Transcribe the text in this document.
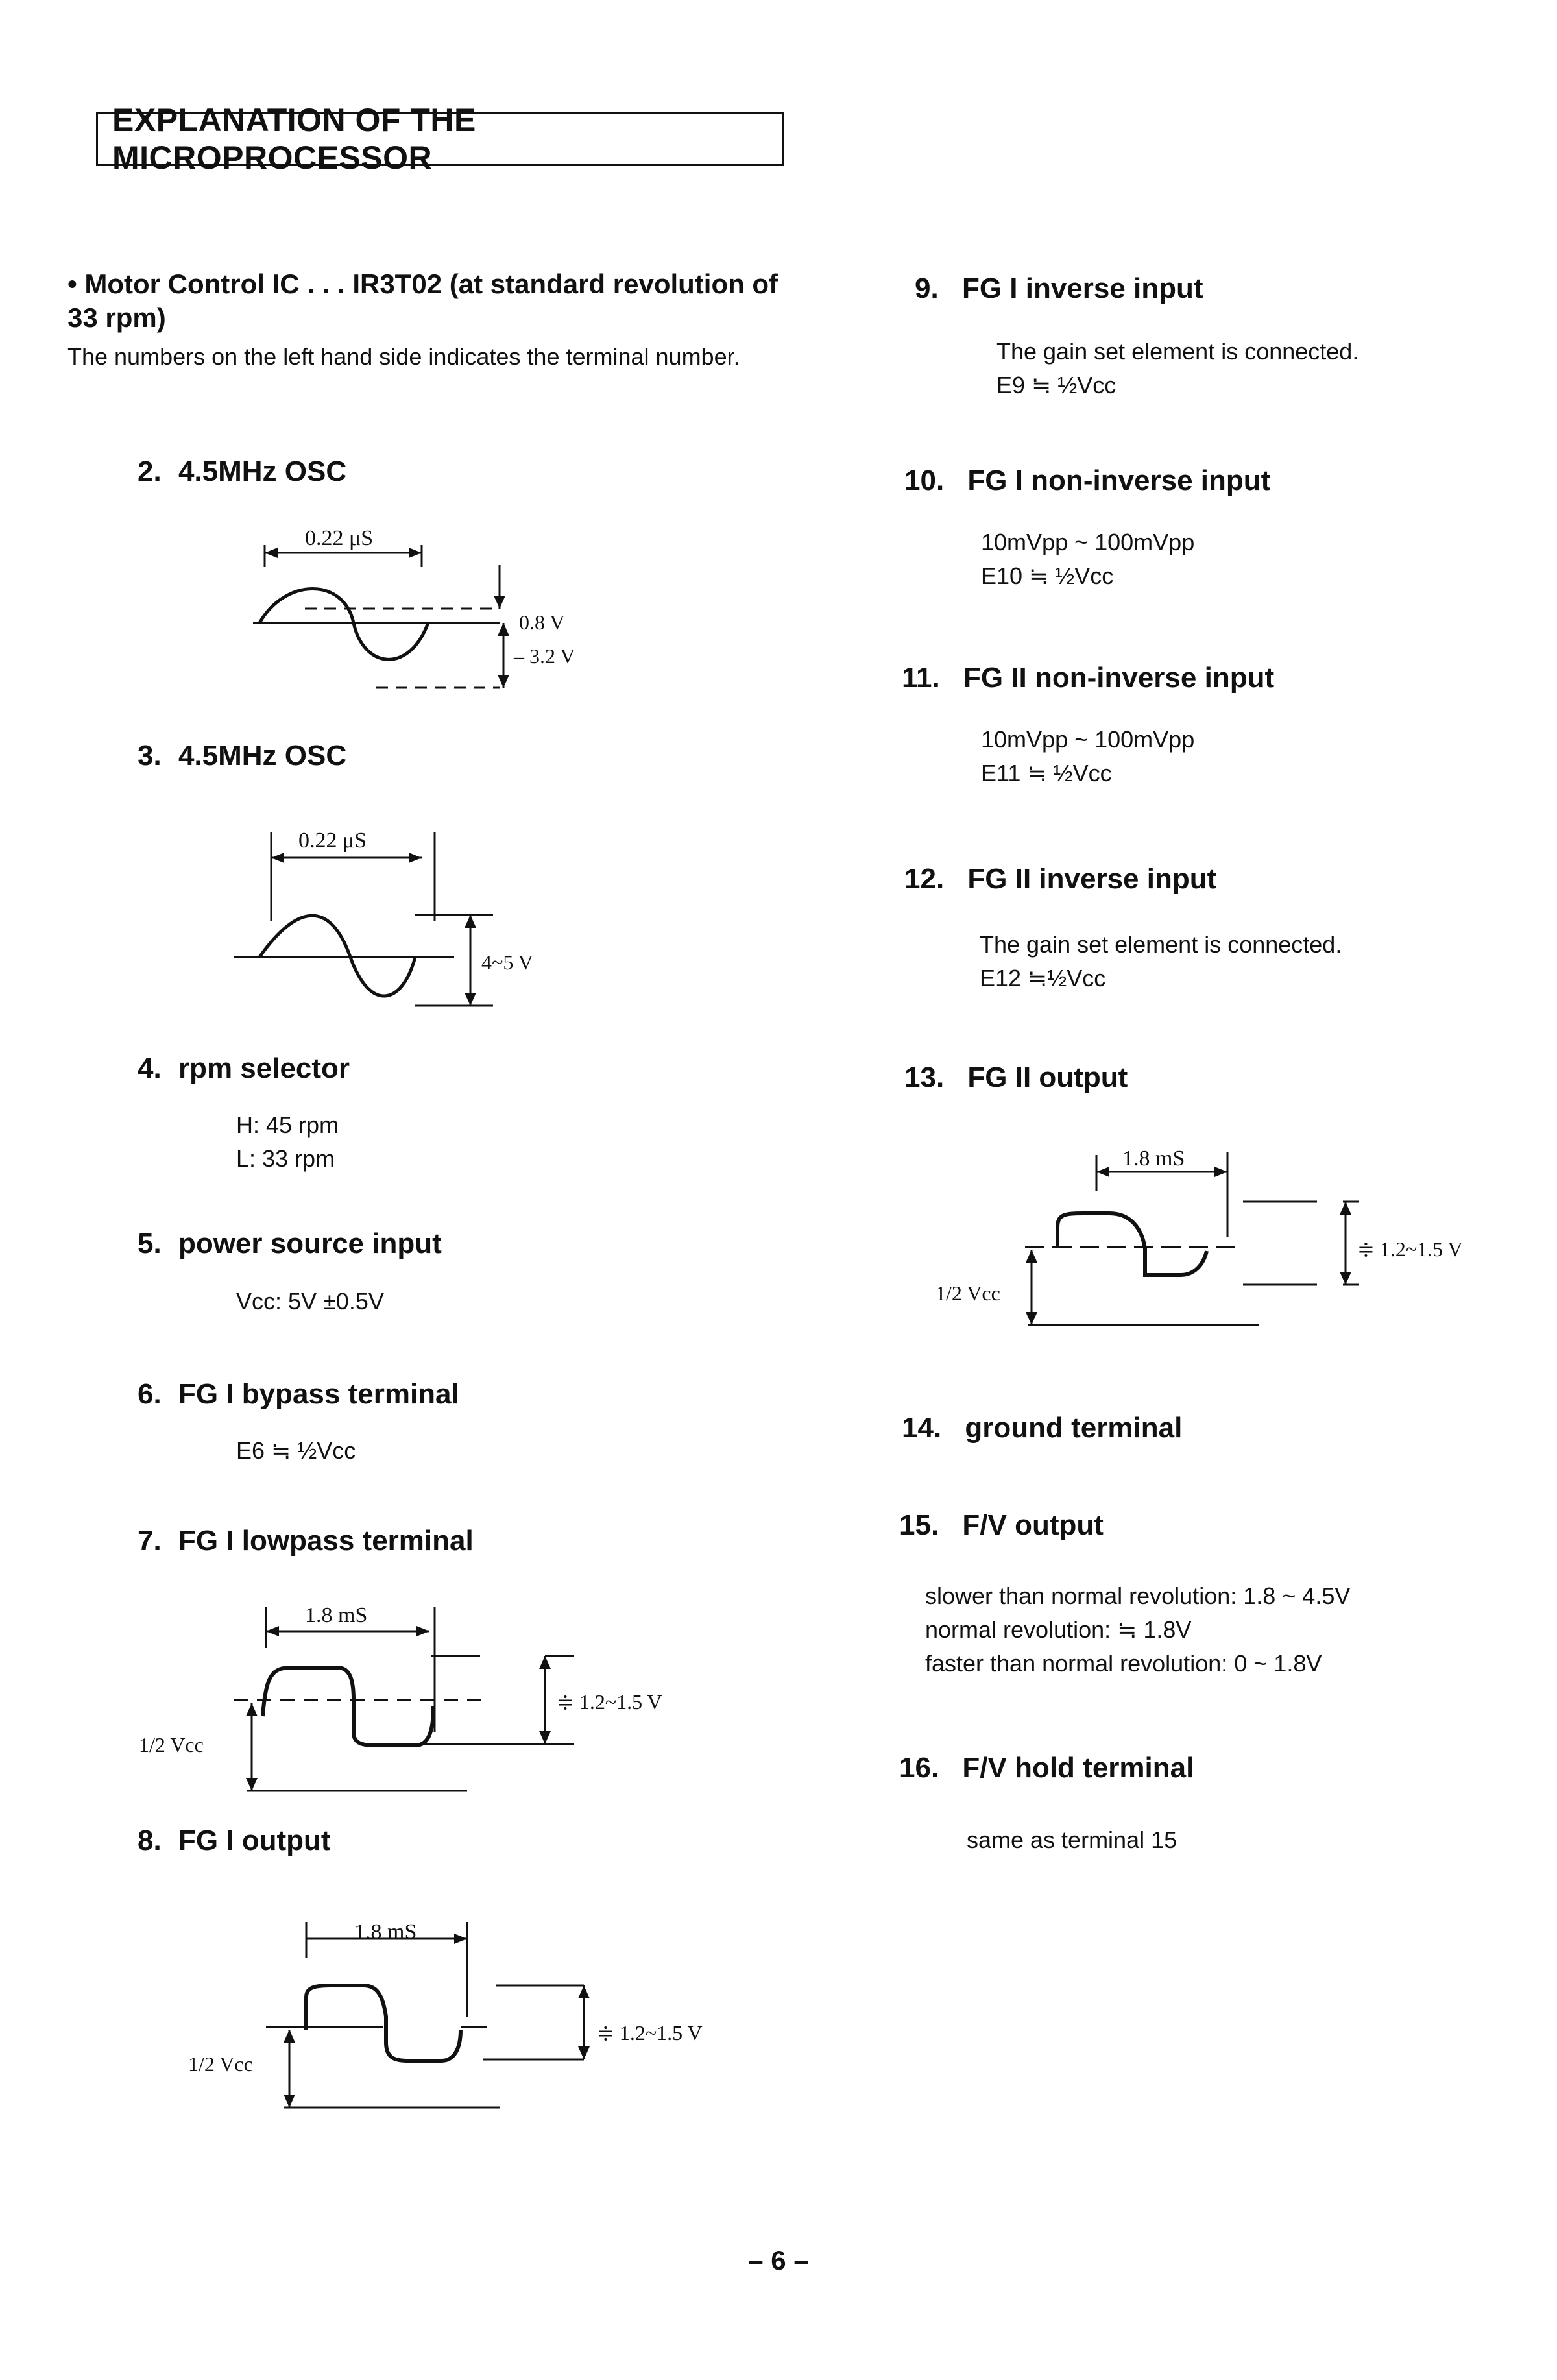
EXPLANATION OF THE MICROPROCESSOR
• Motor Control IC . . . IR3T02 (at standard revolution of 33 rpm)
The numbers on the left hand side indicates the terminal number.
2. 4.5MHz OSC
0.22 μS
0.8 V
– 3.2 V
3. 4.5MHz OSC
0.22 μS
4~5 V
4. rpm selector
H: 45 rpm
L: 33 rpm
5. power source input
Vcc: 5V ±0.5V
6. FG I bypass terminal
E6 ≒ ½Vcc
7. FG I lowpass terminal
1.8 mS
≑ 1.2~1.5 V
1/2 Vcc
8. FG I output
1.8 mS
≑ 1.2~1.5 V
1/2 Vcc
9. FG I inverse input
The gain set element is connected.
E9 ≒ ½Vcc
10. FG I non-inverse input
10mVpp ~ 100mVpp
E10 ≒ ½Vcc
11. FG II non-inverse input
10mVpp ~ 100mVpp
E11 ≒ ½Vcc
12. FG II inverse input
The gain set element is connected.
E12 ≒½Vcc
13. FG II output
1.8 mS
≑ 1.2~1.5 V
1/2 Vcc
14. ground terminal
15. F/V output
slower than normal revolution: 1.8 ~ 4.5V
normal revolution: ≒ 1.8V
faster than normal revolution: 0 ~ 1.8V
16. F/V hold terminal
same as terminal 15
– 6 –
